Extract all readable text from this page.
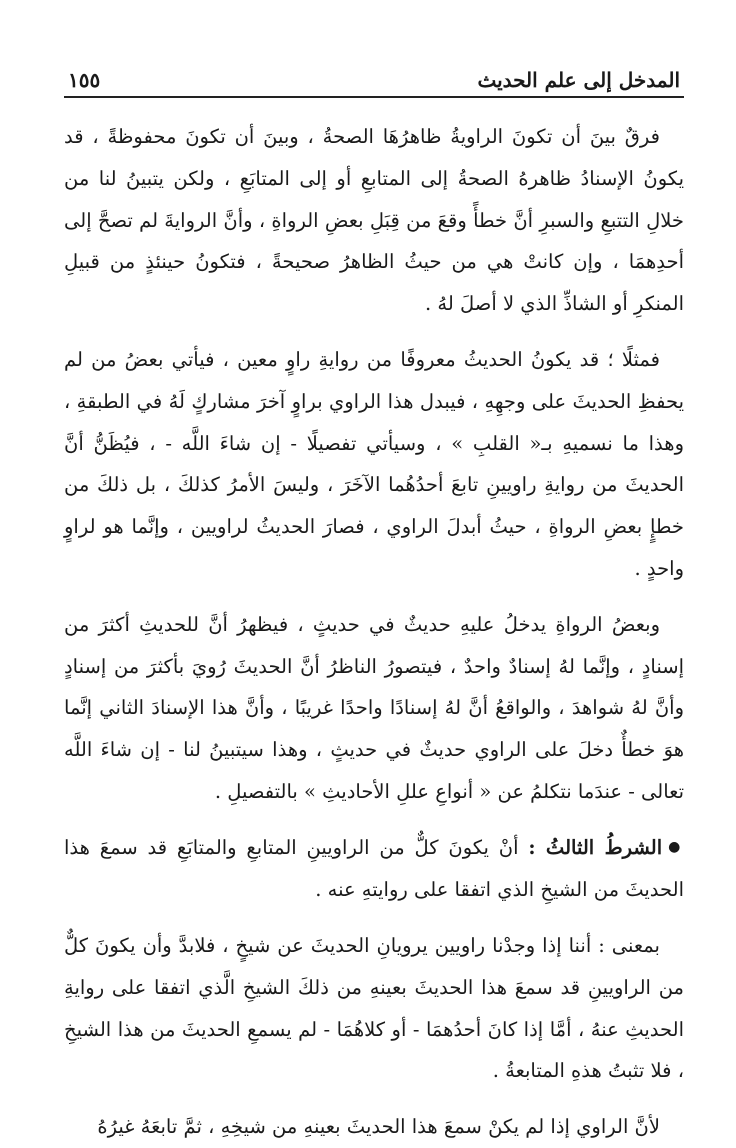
المدخل إلى علم الحديث
١٥٥

فرقٌ بينَ أن تكونَ الراويةُ ظاهرُهَا الصحةُ ، وبينَ أن تكونَ محفوظةً ، قد يكونُ الإسنادُ ظاهرهُ الصحةُ إلى المتابعِ أو إلى المتابَعِ ، ولكن يتبينُ لنا من خلالِ التتبعِ والسبرِ أنَّ خطأً وقعَ من قِبَلِ بعضِ الرواةِ ، وأنَّ الروايةَ لم تصحَّ إلى أحدِهمَا ، وإن كانتْ هي من حيثُ الظاهرُ صحيحةً ، فتكونُ حينئذٍ من قبيلِ المنكرِ أو الشاذِّ الذي لا أصلَ لهُ .

فمثلًا ؛ قد يكونُ الحديثُ معروفًا من روايةِ راوٍ معين ، فيأتي بعضُ من لم يحفظِ الحديثَ على وجهِهِ ، فيبدل هذا الراوي براوٍ آخرَ مشاركٍ لَهُ في الطبقةِ ، وهذا ما نسميهِ بـ« القلبِ » ، وسيأتي تفصيلًا - إن شاءَ اللَّه - ، فيُظَنُّ أنَّ الحديثَ من روايةِ راويينِ تابعَ أحدُهُما الآخَرَ ، وليسَ الأمرُ كذلكَ ، بل ذلكَ من خطإٍ بعضِ الرواةِ ، حيثُ أبدلَ الراوي ، فصارَ الحديثُ لراويين ، وإنَّما هو لراوٍ واحدٍ .

وبعضُ الرواةِ يدخلُ عليهِ حديثٌ في حديثٍ ، فيظهرُ أنَّ للحديثِ أكثرَ من إسنادٍ ، وإنَّما لهُ إسنادٌ واحدٌ ، فيتصورُ الناظرُ أنَّ الحديثَ رُويَ بأكثرَ من إسنادٍ وأنَّ لهُ شواهدَ ، والواقعُ أنَّ لهُ إسنادًا واحدًا غريبًا ، وأنَّ هذا الإسنادَ الثاني إنَّما هوَ خطأٌ دخلَ على الراوي حديثٌ في حديثٍ ، وهذا سيتبينُ لنا - إن شاءَ اللَّه تعالى - عندَما نتكلمُ عن « أنواعِ عللِ الأحاديثِ » بالتفصيلِ .

●الشرطُ الثالثُ : أنْ يكونَ كلٌّ من الراويينِ المتابعِ والمتابَعِ قد سمعَ هذا الحديثَ من الشيخِ الذي اتفقا على روايتهِ عنه .

بمعنى : أننا إذا وجدْنا راويين يرويانِ الحديثَ عن شيخٍ ، فلابدَّ وأن يكونَ كلٌّ من الراويينِ قد سمعَ هذا الحديثَ بعينهِ من ذلكَ الشيخِ الَّذي اتفقا على روايةِ الحديثِ عنهُ ، أمَّا إذا كانَ أحدُهمَا - أو كلاهُمَا - لم يسمعِ الحديثَ من هذا الشيخِ ، فلا تثبتُ هذهِ المتابعةُ .

لأنَّ الراوي إذا لم يكنْ سمعَ هذا الحديثَ بعينهِ من شيخِهِ ، ثمَّ تابعَهُ غيرُهُ
